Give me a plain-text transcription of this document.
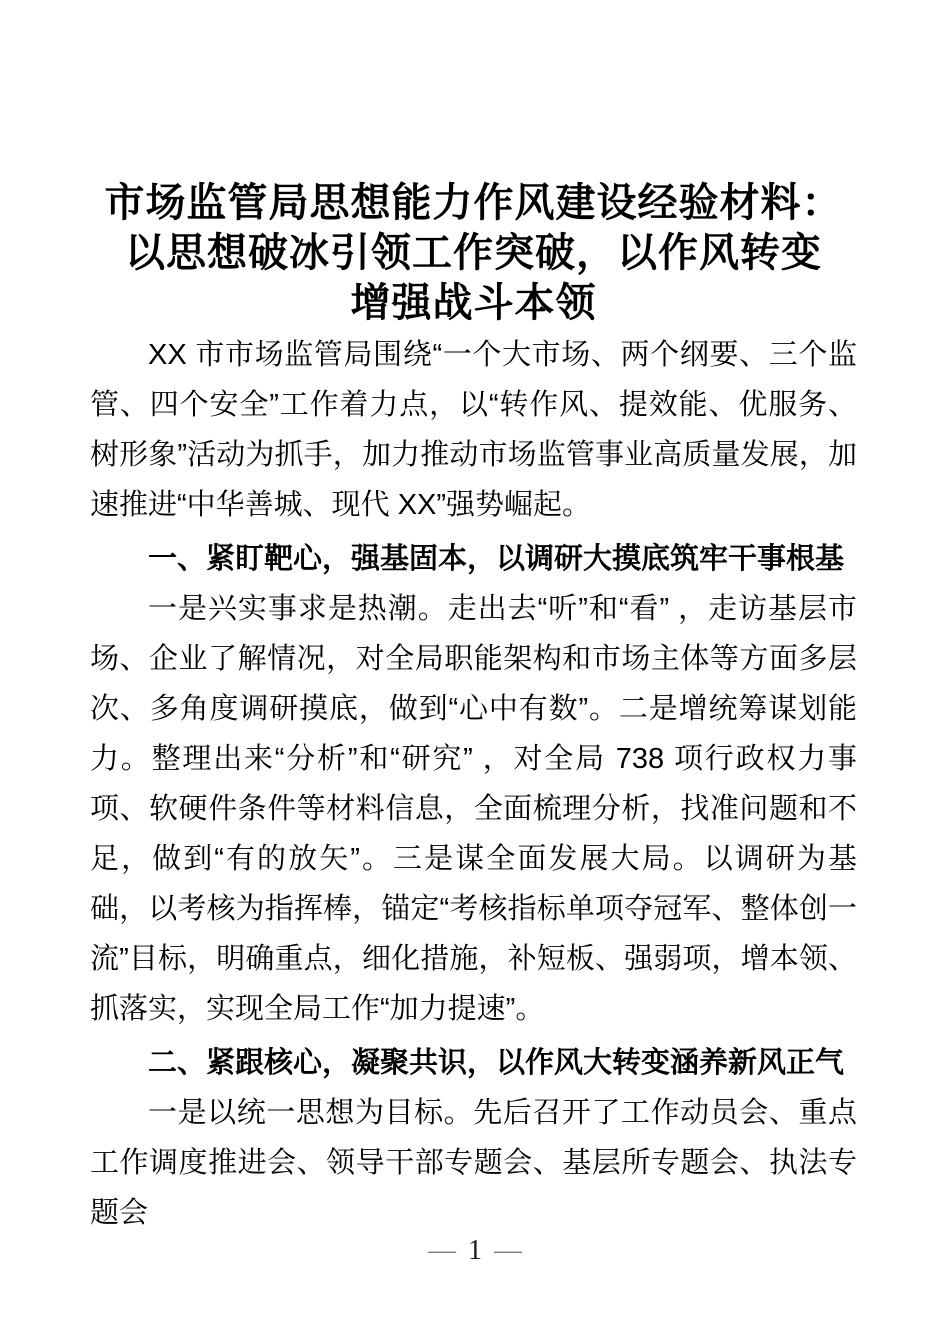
市场监管局思想能力作风建设经验材料：
以思想破冰引领工作突破，以作风转变
增强战斗本领

XX 市市场监管局围绕“一个大市场、两个纲要、三个监管、四个安全”工作着力点，以“转作风、提效能、优服务、树形象”活动为抓手，加力推动市场监管事业高质量发展，加速推进“中华善城、现代 XX”强势崛起。

一、紧盯靶心，强基固本，以调研大摸底筑牢干事根基

一是兴实事求是热潮。走出去“听”和“看” ，走访基层市场、企业了解情况，对全局职能架构和市场主体等方面多层次、多角度调研摸底，做到“心中有数”。二是增统筹谋划能力。整理出来“分析”和“研究” ，对全局 738 项行政权力事项、软硬件条件等材料信息，全面梳理分析，找准问题和不足，做到“有的放矢”。三是谋全面发展大局。以调研为基础，以考核为指挥棒，锚定“考核指标单项夺冠军、整体创一流”目标，明确重点，细化措施，补短板、强弱项，增本领、抓落实，实现全局工作“加力提速”。

二、紧跟核心，凝聚共识，以作风大转变涵养新风正气

一是以统一思想为目标。先后召开了工作动员会、重点工作调度推进会、领导干部专题会、基层所专题会、执法专题会

— 1 —
